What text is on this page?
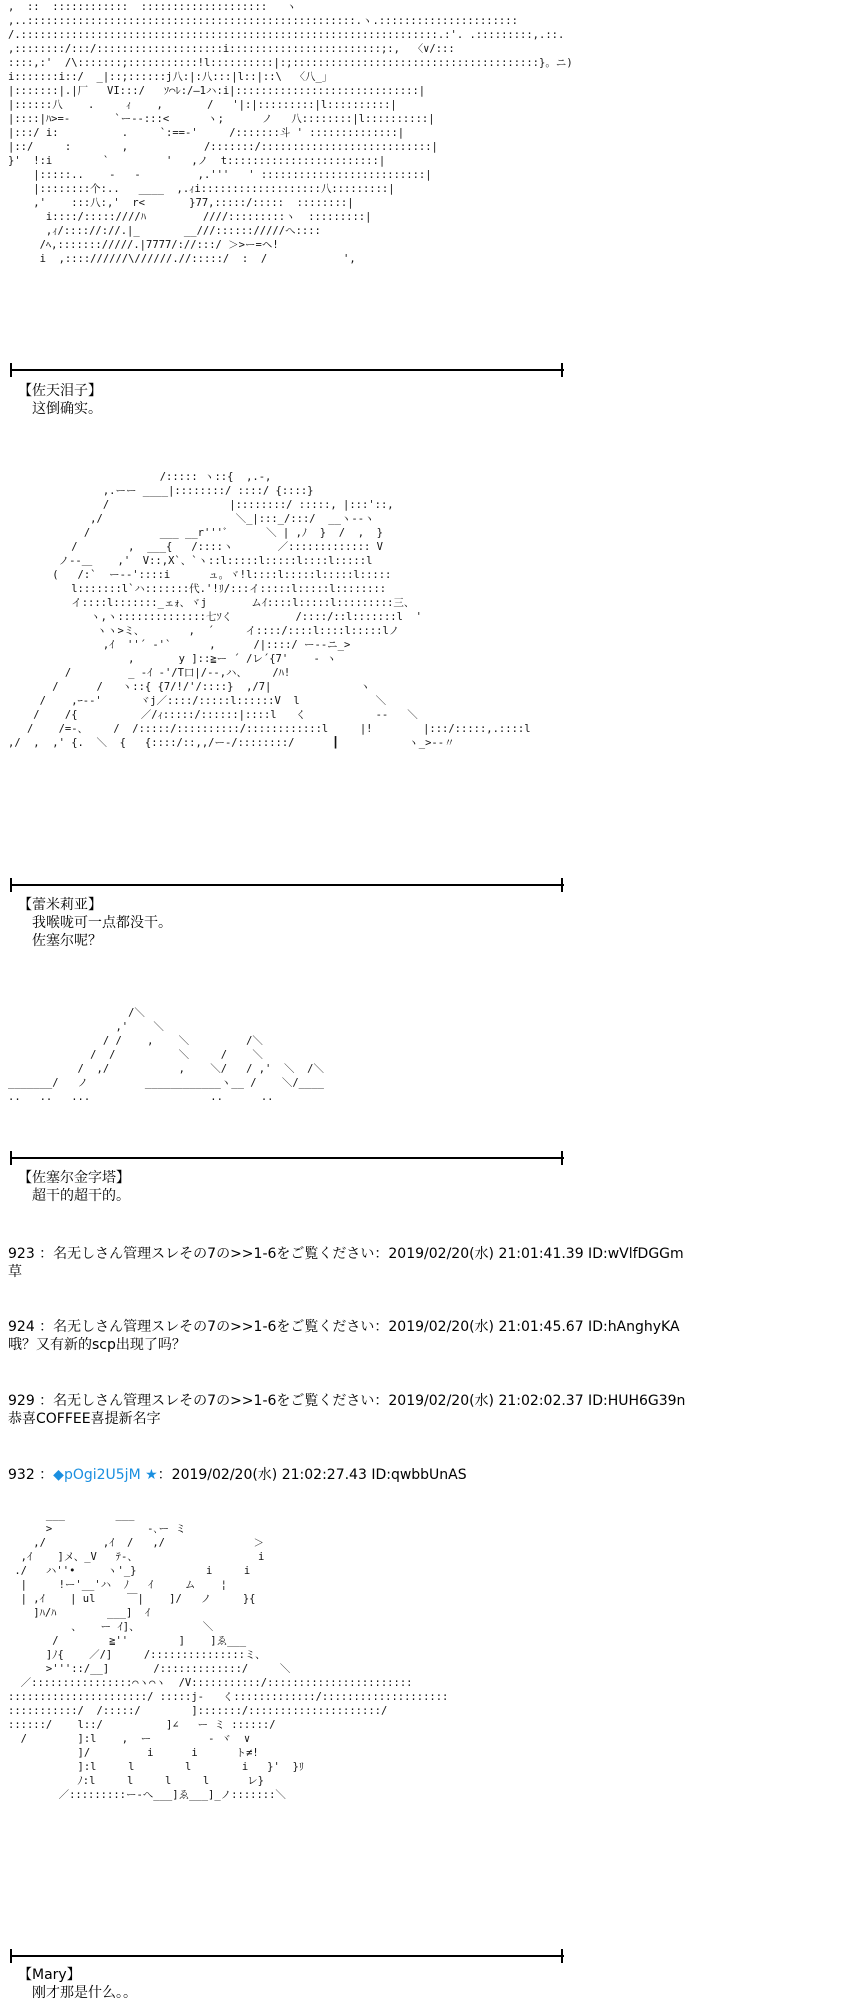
,  ::  ::::::::::::  ::::::::::::::::::::   ヽ
,..::::::::::::::::::::::::::::::::::::::::::::::::::::.ヽ.::::::::::::::::::::::
/.::::::::::::::::::::::::::::::::::::::::::::::::::::::::::::::::::.:'. .:::::::::,.::.
,::::::::/:::/::::::::::::::::::::i::::::::::::::::::::::::;:,  〈∨/:::
::::,:'  /\:::::::;:::::::::::!l::::::::::|:;:::::::::::::::::::::::::::::::::::::::}。ニ)
i:::::::i::/  _|::;::::::j八:|:八:::|l::|::\  〈八_」
|:::::::|.|厂   VI:::/   ｿ⌒ﾚ:/―1ハ:i|:::::::::::::::::::::::::::::|
|::::::八    .     ｨ    ,       /   '|:|:::::::::|l::::::::::|
|::::|ﾊ>=-       `ー--:::<      ヽ;      ノ   八::::::::|l::::::::::|
|:::/ i:          .     `:==-'     /:::::::斗 ' ::::::::::::::|
|::/     :        ,            /:::::::/:::::::::::::::::::::::::::|
}'  !:i        `         '   ,ノ  t::::::::::::::::::::::::|
|:::::..    -   -         ,.'''   ' ::::::::::::::::::::::::::|
|::::::::个:..   ____  ,.ｨi:::::::::::::::::::八:::::::::|
,'    :::八:,'  r<       }77,:::::/:::::  ::::::::|
i::::/:::::////ﾊ         ////:::::::::ヽ  :::::::::|
,ｨ/:::://://.|_       __///:::::://///へ::::
/ﾍ,::::::://///.|7777/://:::/ ＞>ー=ヘ!
i  ,:::://////\//////.//:::::/  :  /            ',
【佐天泪子】
这倒确实。
/::::: ヽ::{  ,.-,
,.ーー ____|::::::::/ ::::/ {::::}
/                   |::::::::/ :::::, |:::'::,
,/                     ＼_|:::_/:::/  __ヽ--ヽ
/           ___ __r'''ﾞ      ＼ | ,ﾉ  }  /  ,  }
/        ,  ___{   /::::ヽ       ／::::::::::::: V
ノ--＿    ,'  V::,X`、`ヽ::l:::::l:::::l::::l:::::l
(   /:`  ー--'::::i      ュ。ヾ!l::::l:::::l:::::l:::::
l:::::::l`ハ:::::::代.'!ﾘ/:::イ:::::l:::::l::::::::
イ::::l:::::::_ェｫ、ヾj       ムｲ::::l:::::l:::::::::三、
ヽ,ヽ::::::::::::::七ｿく          /::::/::l:::::::l  '
ヽヽ>ミ、       ,  ´     イ::::/::::l::::l:::::lノ
,ｲ  ''´ ‐'`      ,      /|::::/ ー--ニ_>
,       y ]::≧ー ´ /レ´{7'    ‐ ヽ
/         _ -ｲ ‐'/T口|/--,ハ、    /ﾊ!
/      /   ヽ::{ {7/!/'/::::}  ,/7|              ヽ
/    ,ｰ-‐'      ヾj／::::/:::::l::::::V  l            ＼
/    /{          ／/ｨ:::::/::::::|::::l   く           ‐‐   ＼
/    /=-、    /  /:::::/::::::::::/::::::::::::l     |!        |:::/:::::,.::::l
,/  ,  ,' {.  ＼  {   {::::/::,,/ー-/::::::::/      ┃           ヽ_>-‐〃
【蕾米莉亚】
我喉咙可一点都没干。
佐塞尔呢？
/＼
,'    ＼
/ /    ,    ＼         /＼
/  /          ＼     /    ＼
/  ,/           ,    ＼/   / ,'  ＼  /＼
_______/   ノ         ____________ヽ__ /    ＼/____
..   ..   ...                   ..      ..
【佐塞尔金字塔】
超干的超干的。
923 ：名无しさん管理スレその7の>>1-6をご覧ください：2019/02/20(水) 21:01:41.39 ID:wVlfDGGm
草
924 ：名无しさん管理スレその7の>>1-6をご覧ください：2019/02/20(水) 21:01:45.67 ID:hAnghyKA
哦？又有新的scp出现了吗？
929 ：名无しさん管理スレその7の>>1-6をご覧ください：2019/02/20(水) 21:02:02.37 ID:HUH6G39n
恭喜COFFEE喜提新名字
932 ：◆pOgi2U5jM ★：2019/02/20(水) 21:02:27.43 ID:qwbbUnAS
___        ___
>               ‐､ー ミ
,/         ,ｲ  /   ,/              ＞
,ｲ    ]メ、_V   ﾃ-、                   i
./   ハ''•     ヽ'_}           i     i
|     !ー'__'ハ  ﾉ   ｲ     ム    ¦
| ,ｲ    | ul     ￣|    ]/   ノ     }{
]ﾊ/ﾊ        ___]  ｲ
、   ー ｲ]、          ＼
/        ≧''        ]    ]ゑ___
]ﾉ{    ／/]     /:::::::::::::::ミ、
>'''::/__]       /:::::::::::::/     ＼
／::::::::::::::::⌒ヽ⌒ヽ  /V:::::::::::/:::::::::::::::::::::::
::::::::::::::::::::::/ :::::j-   く:::::::::::::/::::::::::::::::::::
:::::::::::/  /:::::/        ]:::::::/:::::::::::::::::::::/
::::::/    l::/          ]∠   ー ミ ::::::/
/        ]:l    ,  ー         ‐ ヾ  ∨
]/         i      i      ト≠!
]:l     l        l        i   }'  }ﾘ
ﾉ:l     l     l     l      レ}
／:::::::::ー‐へ___]ゑ___]_ノ:::::::＼
【Mary】
刚才那是什么。。
